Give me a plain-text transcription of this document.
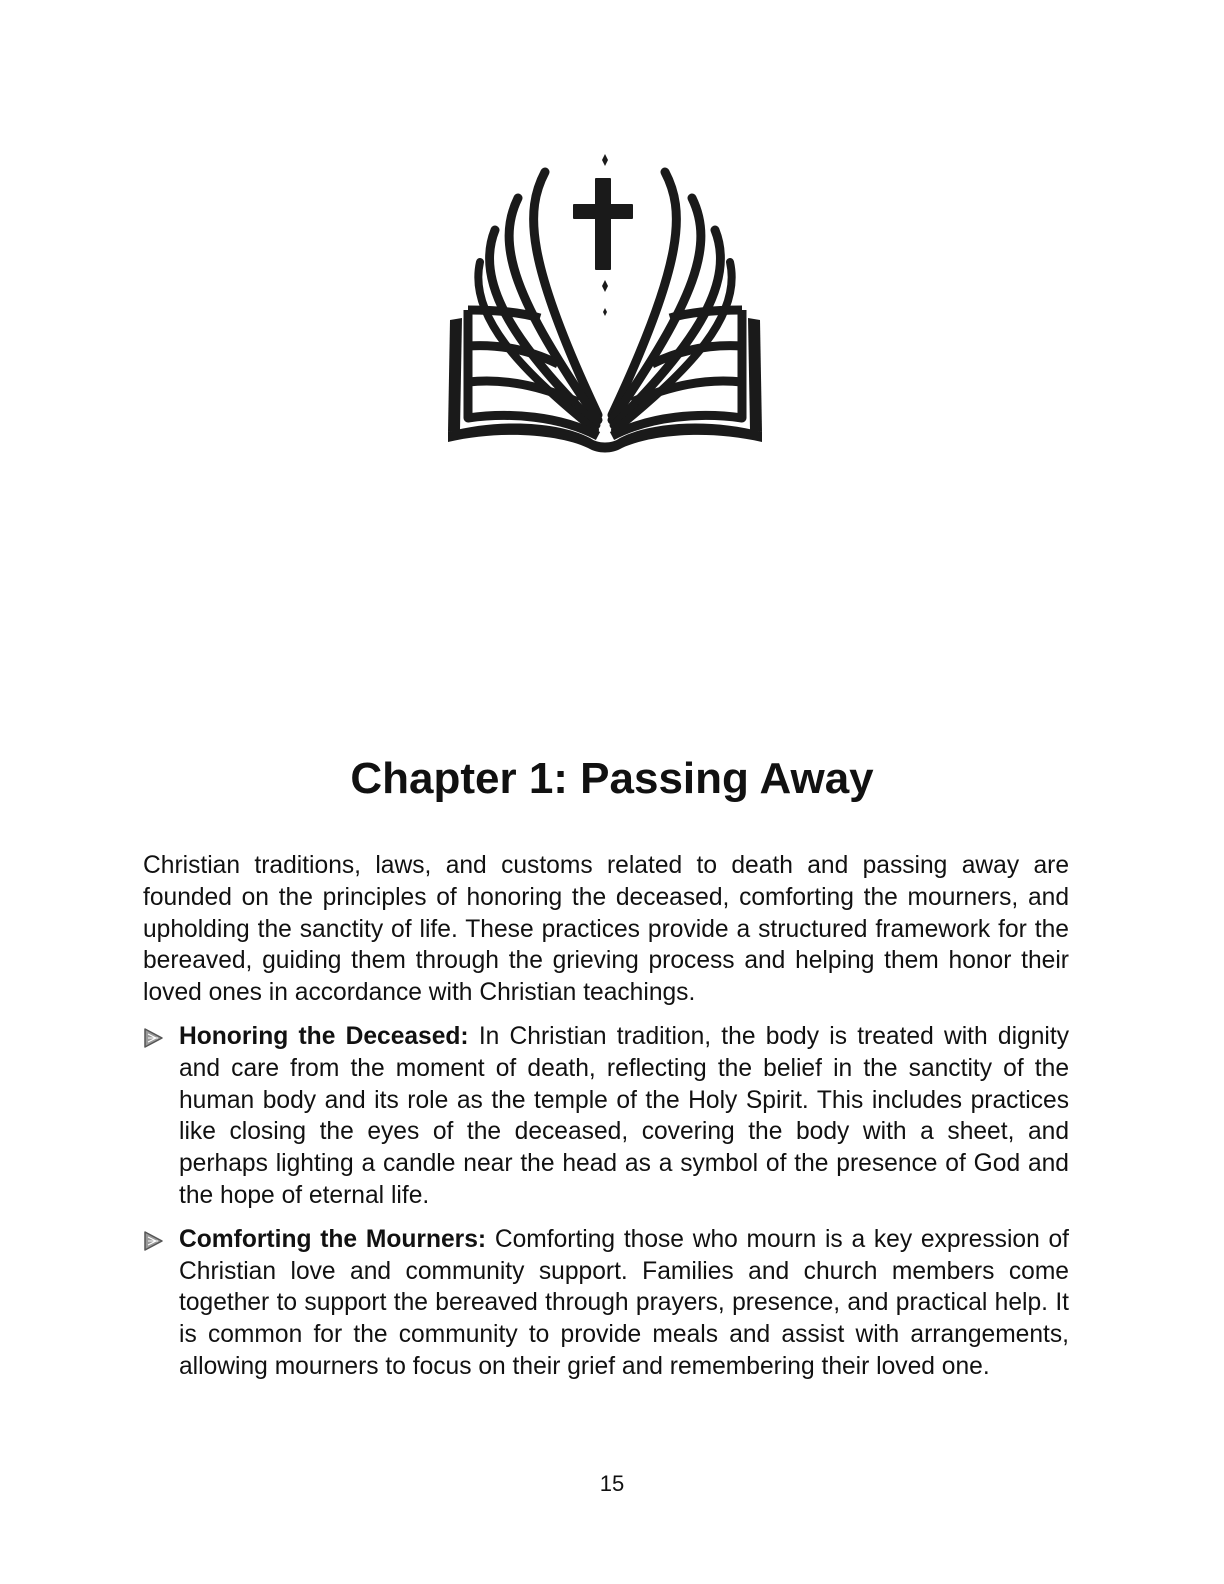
Chapter 1: Passing Away

Christian traditions, laws, and customs related to death and passing away are founded on the principles of honoring the deceased, comforting the mourners, and upholding the sanctity of life. These practices provide a structured framework for the bereaved, guiding them through the grieving process and helping them honor their loved ones in accordance with Christian teachings.

Honoring the Deceased: In Christian tradition, the body is treated with dignity and care from the moment of death, reflecting the belief in the sanctity of the human body and its role as the temple of the Holy Spirit. This includes practices like closing the eyes of the deceased, covering the body with a sheet, and perhaps lighting a candle near the head as a symbol of the presence of God and the hope of eternal life.
Comforting the Mourners: Comforting those who mourn is a key expression of Christian love and community support. Families and church members come together to support the bereaved through prayers, presence, and practical help. It is common for the community to provide meals and assist with arrangements, allowing mourners to focus on their grief and remembering their loved one.
15
